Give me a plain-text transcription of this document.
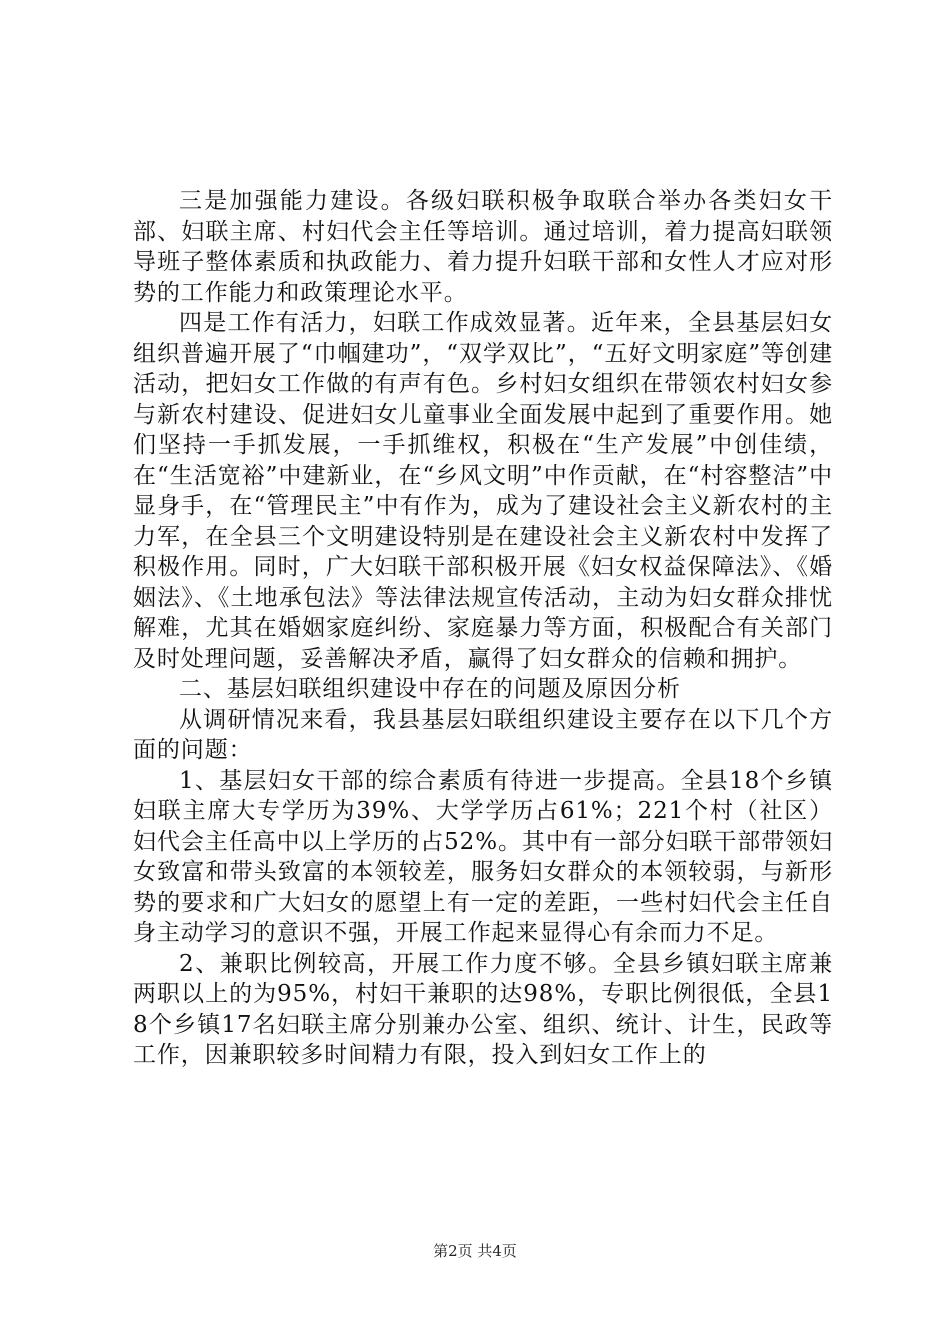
三是加强能力建设。各级妇联积极争取联合举办各类妇女干部、妇联主席、村妇代会主任等培训。通过培训，着力提高妇联领导班子整体素质和执政能力、着力提升妇联干部和女性人才应对形势的工作能力和政策理论水平。

四是工作有活力，妇联工作成效显著。近年来，全县基层妇女组织普遍开展了“巾帼建功”，“双学双比”，“五好文明家庭”等创建活动，把妇女工作做的有声有色。乡村妇女组织在带领农村妇女参与新农村建设、促进妇女儿童事业全面发展中起到了重要作用。她们坚持一手抓发展，一手抓维权，积极在“生产发展”中创佳绩，在“生活宽裕”中建新业，在“乡风文明”中作贡献，在“村容整洁”中显身手，在“管理民主”中有作为，成为了建设社会主义新农村的主力军，在全县三个文明建设特别是在建设社会主义新农村中发挥了积极作用。同时，广大妇联干部积极开展《妇女权益保障法》、《婚姻法》、《土地承包法》等法律法规宣传活动，主动为妇女群众排忧解难，尤其在婚姻家庭纠纷、家庭暴力等方面，积极配合有关部门及时处理问题，妥善解决矛盾，赢得了妇女群众的信赖和拥护。

二、基层妇联组织建设中存在的问题及原因分析

从调研情况来看，我县基层妇联组织建设主要存在以下几个方面的问题：

1、基层妇女干部的综合素质有待进一步提高。全县18个乡镇妇联主席大专学历为39%、大学学历占61%；221个村（社区）妇代会主任高中以上学历的占52%。其中有一部分妇联干部带领妇女致富和带头致富的本领较差，服务妇女群众的本领较弱，与新形势的要求和广大妇女的愿望上有一定的差距，一些村妇代会主任自身主动学习的意识不强，开展工作起来显得心有余而力不足。

2、兼职比例较高，开展工作力度不够。全县乡镇妇联主席兼两职以上的为95%，村妇干兼职的达98%，专职比例很低，全县18个乡镇17名妇联主席分别兼办公室、组织、统计、计生，民政等工作，因兼职较多时间精力有限，投入到妇女工作上的

第2页 共4页
